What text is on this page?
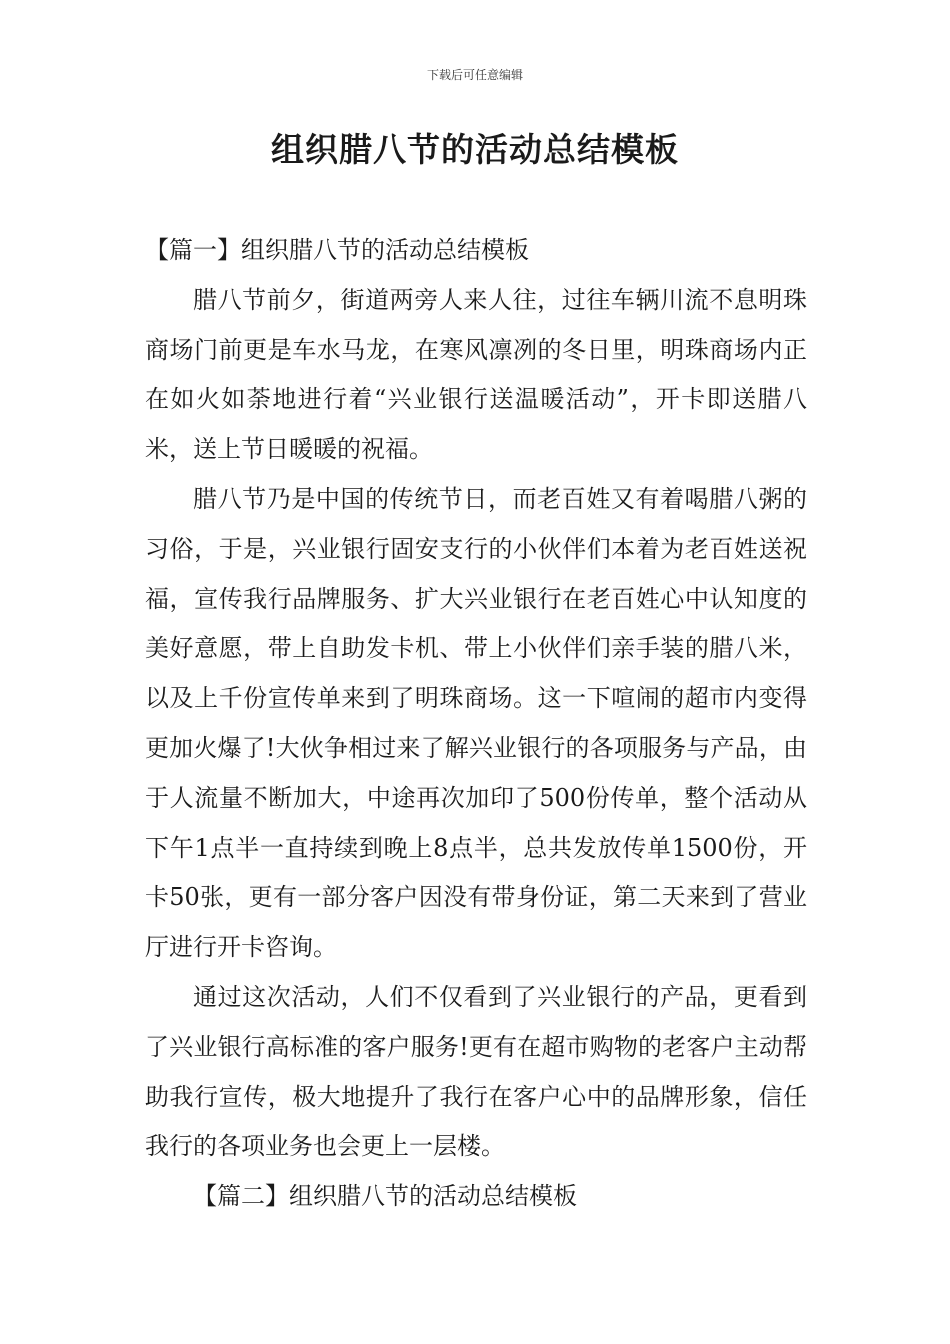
下载后可任意编辑
组织腊八节的活动总结模板
【篇一】组织腊八节的活动总结模板

腊八节前夕，街道两旁人来人往，过往车辆川流不息明珠商场门前更是车水马龙，在寒风凛冽的冬日里，明珠商场内正在如火如荼地进行着“兴业银行送温暖活动”，开卡即送腊八米，送上节日暖暖的祝福。

腊八节乃是中国的传统节日，而老百姓又有着喝腊八粥的习俗，于是，兴业银行固安支行的小伙伴们本着为老百姓送祝福，宣传我行品牌服务、扩大兴业银行在老百姓心中认知度的美好意愿，带上自助发卡机、带上小伙伴们亲手装的腊八米，以及上千份宣传单来到了明珠商场。这一下喧闹的超市内变得更加火爆了!大伙争相过来了解兴业银行的各项服务与产品，由于人流量不断加大，中途再次加印了500份传单，整个活动从下午1点半一直持续到晚上8点半，总共发放传单1500份，开卡50张，更有一部分客户因没有带身份证，第二天来到了营业厅进行开卡咨询。

通过这次活动，人们不仅看到了兴业银行的产品，更看到了兴业银行高标准的客户服务!更有在超市购物的老客户主动帮助我行宣传，极大地提升了我行在客户心中的品牌形象，信任我行的各项业务也会更上一层楼。

【篇二】组织腊八节的活动总结模板
